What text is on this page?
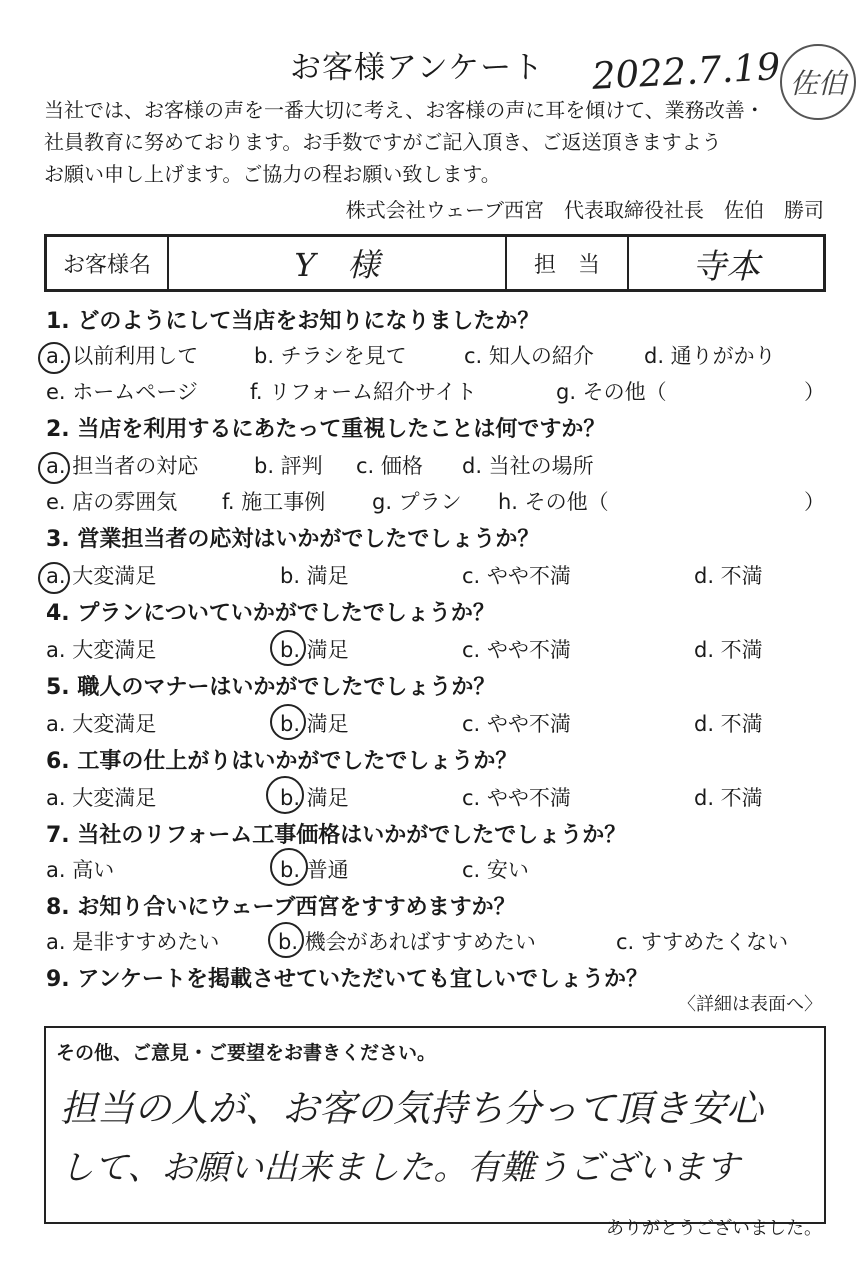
お客様アンケート 2022.7.19 佐伯
当社では、お客様の声を一番大切に考え、お客様の声に耳を傾けて、業務改善・
社員教育に努めております。お手数ですがご記入頂き、ご返送頂きますよう
お願い申し上げます。ご協力の程お願い致します。
株式会社ウェーブ西宮　代表取締役社長　佐伯　勝司
お客様名	Y　様	担　当	寺本
1. どのようにして当店をお知りになりましたか？
a. 以前利用して	b. チラシを見て	c. 知人の紹介 d. 通りがかり
e. ホームページ f. リフォーム紹介サイト	g. その他（	）
2. 当店を利用するにあたって重視したことは何ですか？
a. 担当者の対応	b. 評判 c. 価格 d. 当社の場所
e. 店の雰囲気 f. 施工事例 g. プラン h. その他（	）
3. 営業担当者の応対はいかがでしたでしょうか？
a. 大変満足	b. 満足	c. やや不満	d. 不満
4. プランについていかがでしたでしょうか？
a. 大変満足	b. 満足	c. やや不満	d. 不満
5. 職人のマナーはいかがでしたでしょうか？
a. 大変満足	b. 満足	c. やや不満	d. 不満
6. 工事の仕上がりはいかがでしたでしょうか？
a. 大変満足	b. 満足	c. やや不満	d. 不満
7. 当社のリフォーム工事価格はいかがでしたでしょうか？
a. 高い	b. 普通	c. 安い
8. お知り合いにウェーブ西宮をすすめますか？
a. 是非すすめたい	b. 機会があればすすめたい	c. すすめたくない
9. アンケートを掲載させていただいても宜しいでしょうか？
〈詳細は表面へ〉
その他、ご意見・ご要望をお書きください。
担当の人が、お客の気持ち分って頂き安心
して、お願い出来ました。有難うございます
ありがとうございました。
